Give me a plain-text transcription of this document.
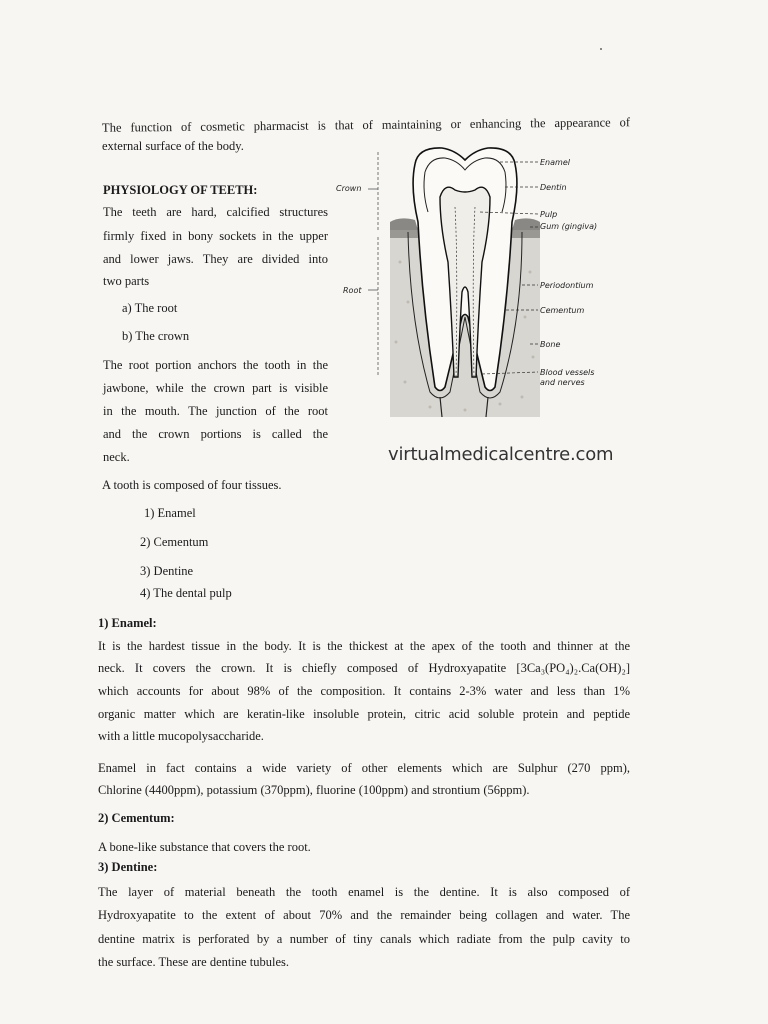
The function of cosmetic pharmacist is that of maintaining or enhancing the appearance of
external surface of the body.
PHYSIOLOGY OF TEETH:
The teeth are hard, calcified structures
firmly fixed in bony sockets in the upper
and lower jaws. They are divided into
two parts
a) The root
b) The crown
The root portion anchors the tooth in the
jawbone, while the crown part is visible
in the mouth. The junction of the root
and the crown portions is called the
neck.
Crown
Root
Enamel
Dentin
Pulp
Gum (gingiva)
Periodontium
Cementum
Bone
Blood vessels
and nerves
virtualmedicalcentre.com
A tooth is composed of four tissues.
1) Enamel
2) Cementum
3) Dentine
4) The dental pulp
1) Enamel:
It is the hardest tissue in the body. It is the thickest at the apex of the tooth and thinner at the
neck. It covers the crown. It is chiefly composed of Hydroxyapatite [3Ca₃(PO₄)₂.Ca(OH)₂]
which accounts for about 98% of the composition. It contains 2-3% water and less than 1%
organic matter which are keratin-like insoluble protein, citric acid soluble protein and peptide
with a little mucopolysaccharide.
Enamel in fact contains a wide variety of other elements which are Sulphur (270 ppm),
Chlorine (4400ppm), potassium (370ppm), fluorine (100ppm) and strontium (56ppm).
2) Cementum:
A bone-like substance that covers the root.
3) Dentine:
The layer of material beneath the tooth enamel is the dentine. It is also composed of
Hydroxyapatite to the extent of about 70% and the remainder being collagen and water. The
dentine matrix is perforated by a number of tiny canals which radiate from the pulp cavity to
the surface. These are dentine tubules.
